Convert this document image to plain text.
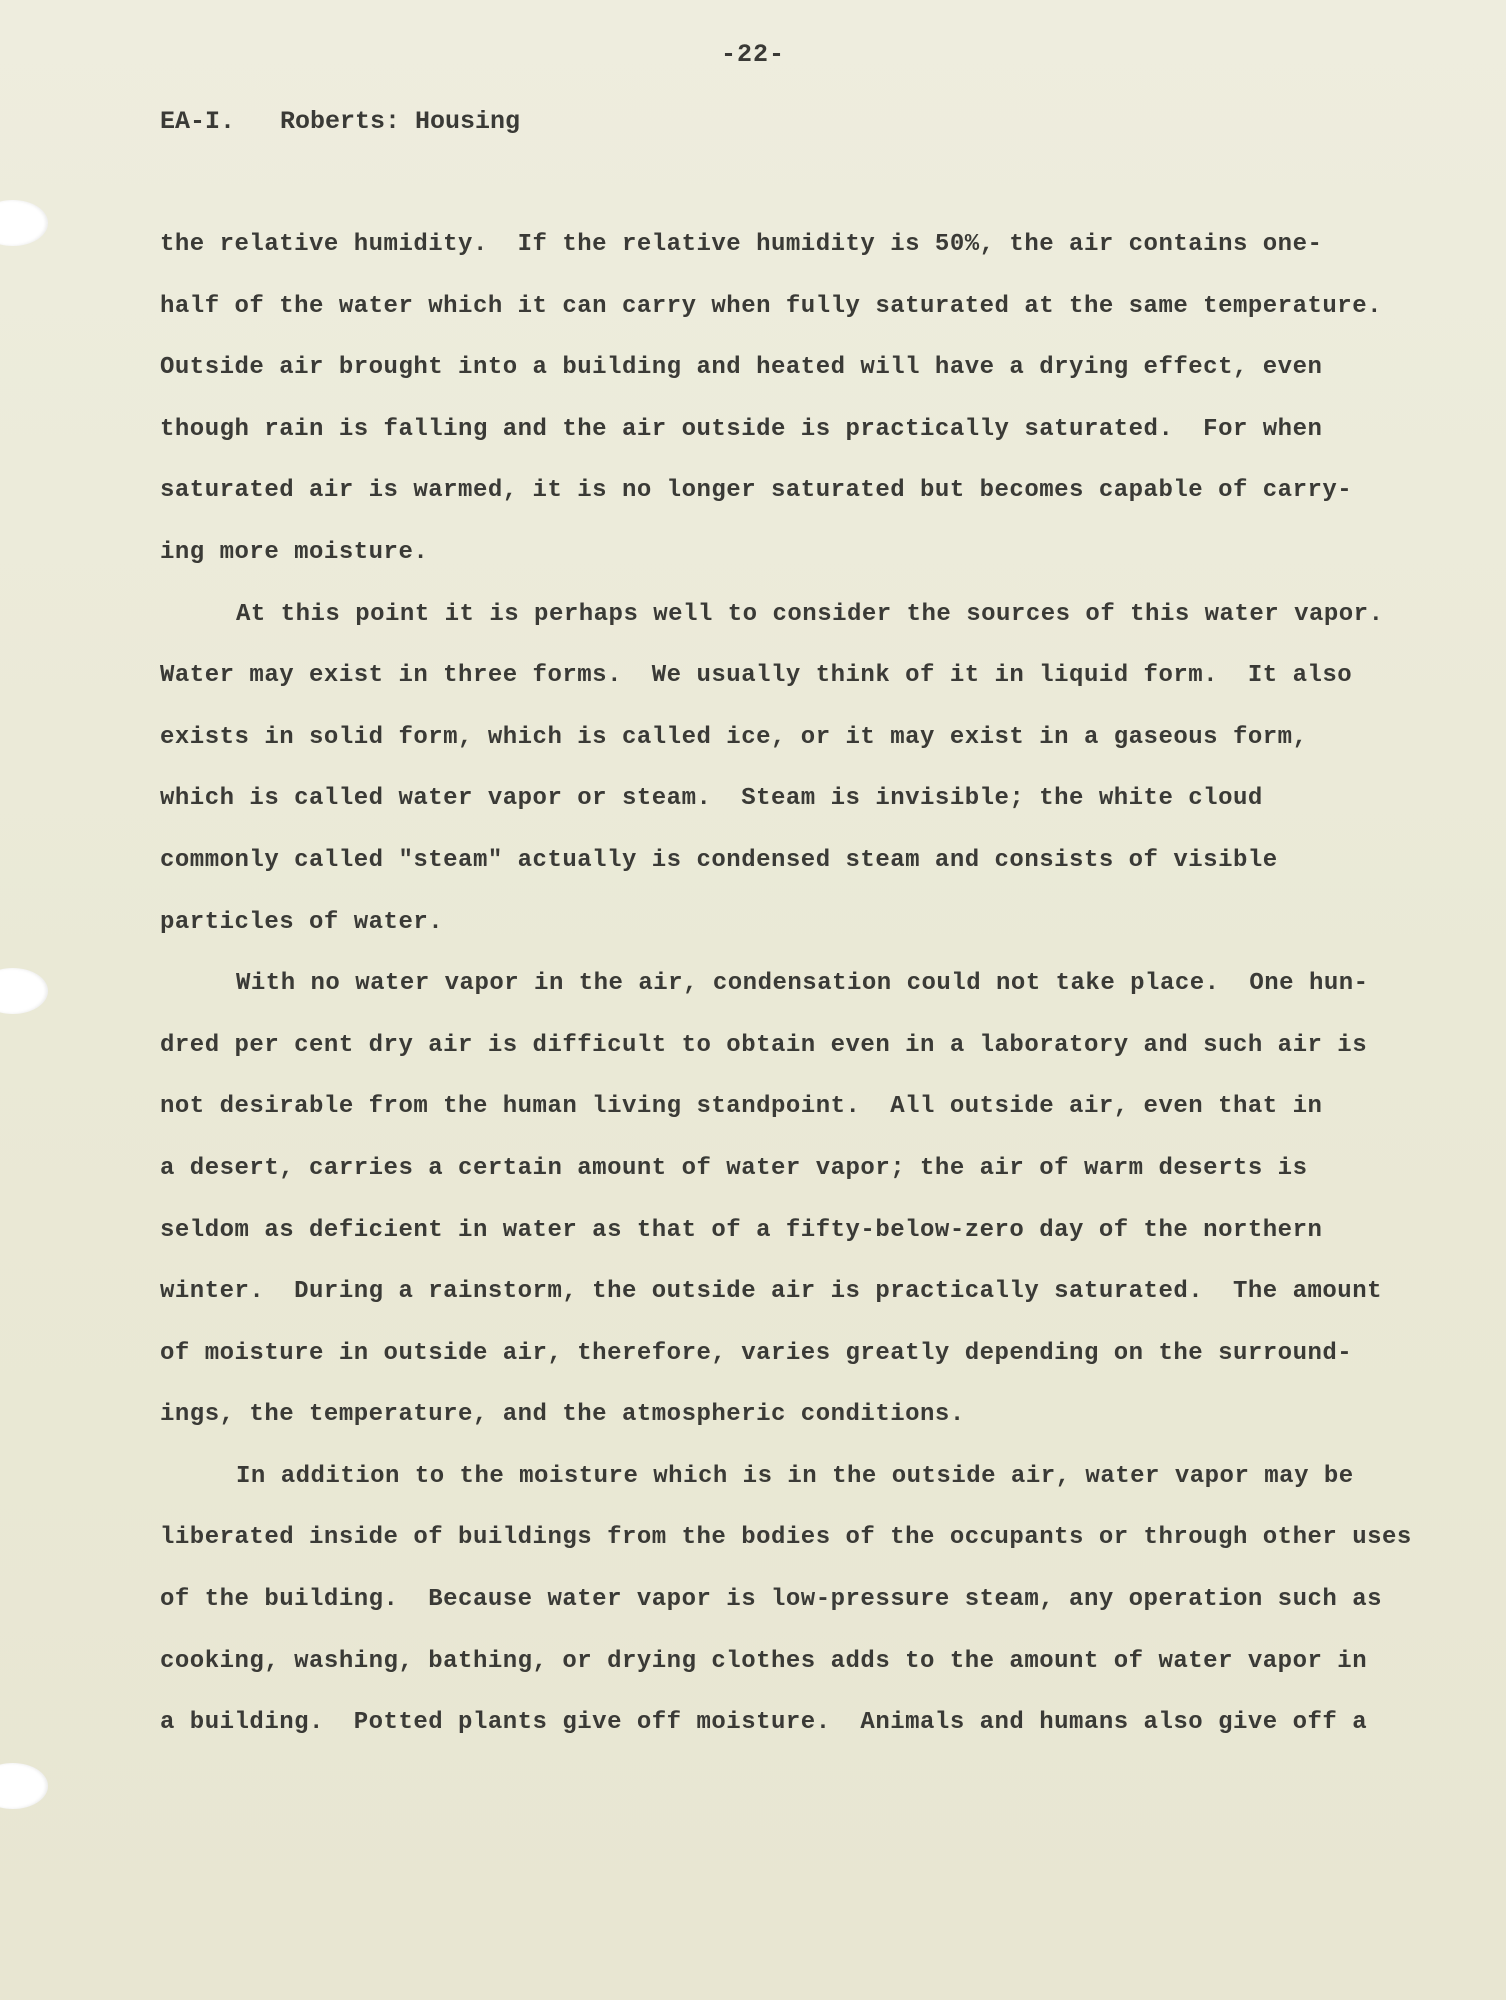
-22-
EA-I.   Roberts: Housing
the relative humidity.  If the relative humidity is 50%, the air contains one-
half of the water which it can carry when fully saturated at the same temperature.
Outside air brought into a building and heated will have a drying effect, even
though rain is falling and the air outside is practically saturated.  For when
saturated air is warmed, it is no longer saturated but becomes capable of carry-
ing more moisture.
At this point it is perhaps well to consider the sources of this water vapor.
Water may exist in three forms.  We usually think of it in liquid form.  It also
exists in solid form, which is called ice, or it may exist in a gaseous form,
which is called water vapor or steam.  Steam is invisible; the white cloud
commonly called "steam" actually is condensed steam and consists of visible
particles of water.
With no water vapor in the air, condensation could not take place.  One hun-
dred per cent dry air is difficult to obtain even in a laboratory and such air is
not desirable from the human living standpoint.  All outside air, even that in
a desert, carries a certain amount of water vapor; the air of warm deserts is
seldom as deficient in water as that of a fifty-below-zero day of the northern
winter.  During a rainstorm, the outside air is practically saturated.  The amount
of moisture in outside air, therefore, varies greatly depending on the surround-
ings, the temperature, and the atmospheric conditions.
In addition to the moisture which is in the outside air, water vapor may be
liberated inside of buildings from the bodies of the occupants or through other uses
of the building.  Because water vapor is low-pressure steam, any operation such as
cooking, washing, bathing, or drying clothes adds to the amount of water vapor in
a building.  Potted plants give off moisture.  Animals and humans also give off a
